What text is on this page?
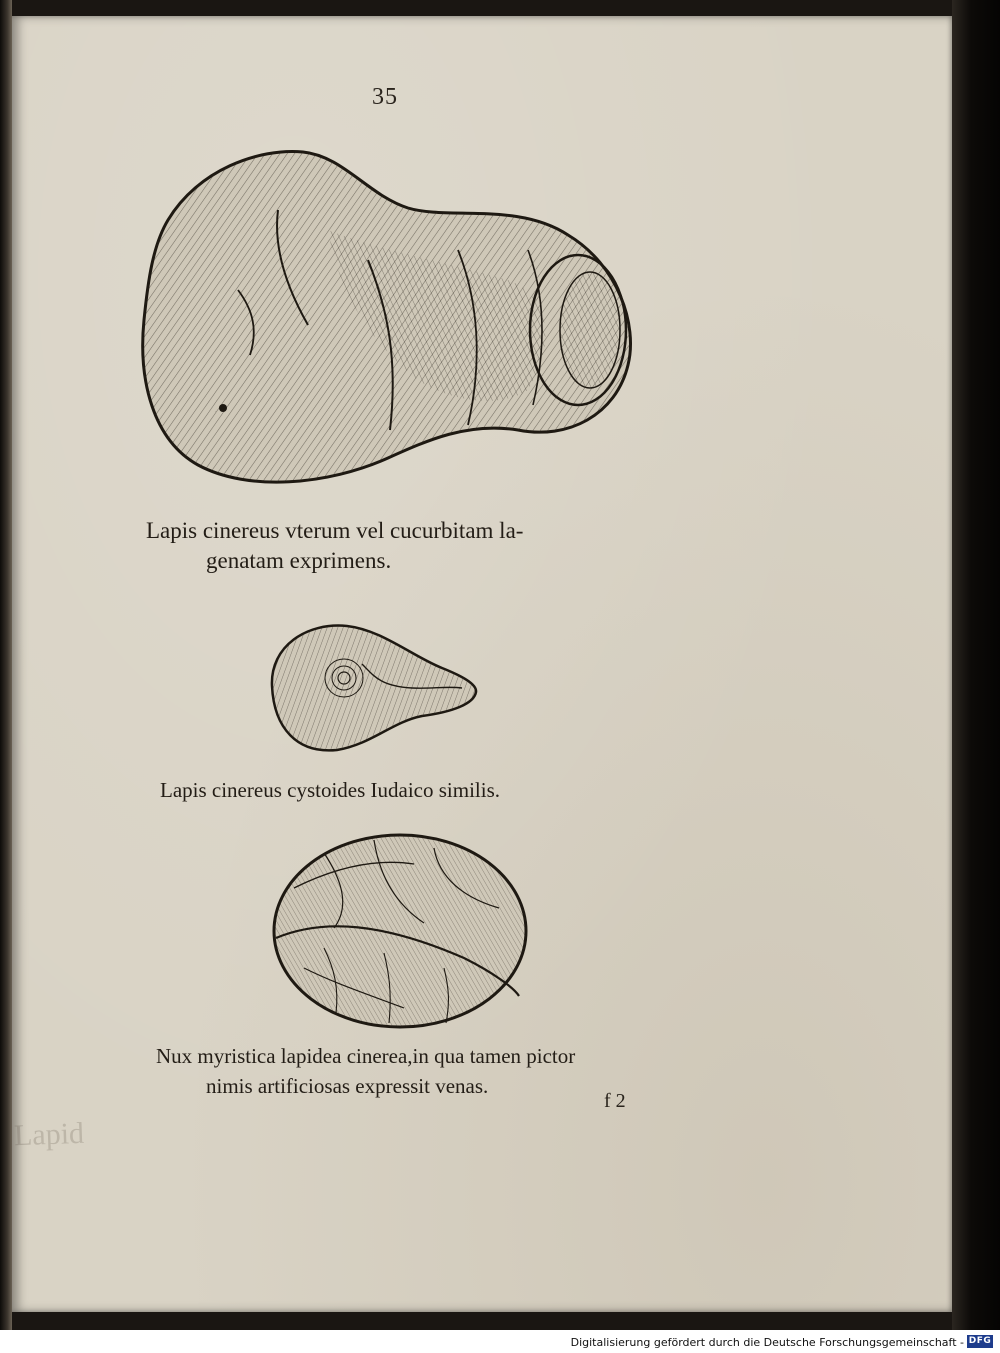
Lapid
35
Lapis cinereus vterum vel cucurbitam la-
genatam exprimens.
Lapis cinereus cystoides Iudaico similis.
Nux myristica lapidea cinerea,in qua tamen pictor
nimis artificiosas expressit venas.
f 2
Digitalisierung gefördert durch die Deutsche Forschungsgemeinschaft - DFG
